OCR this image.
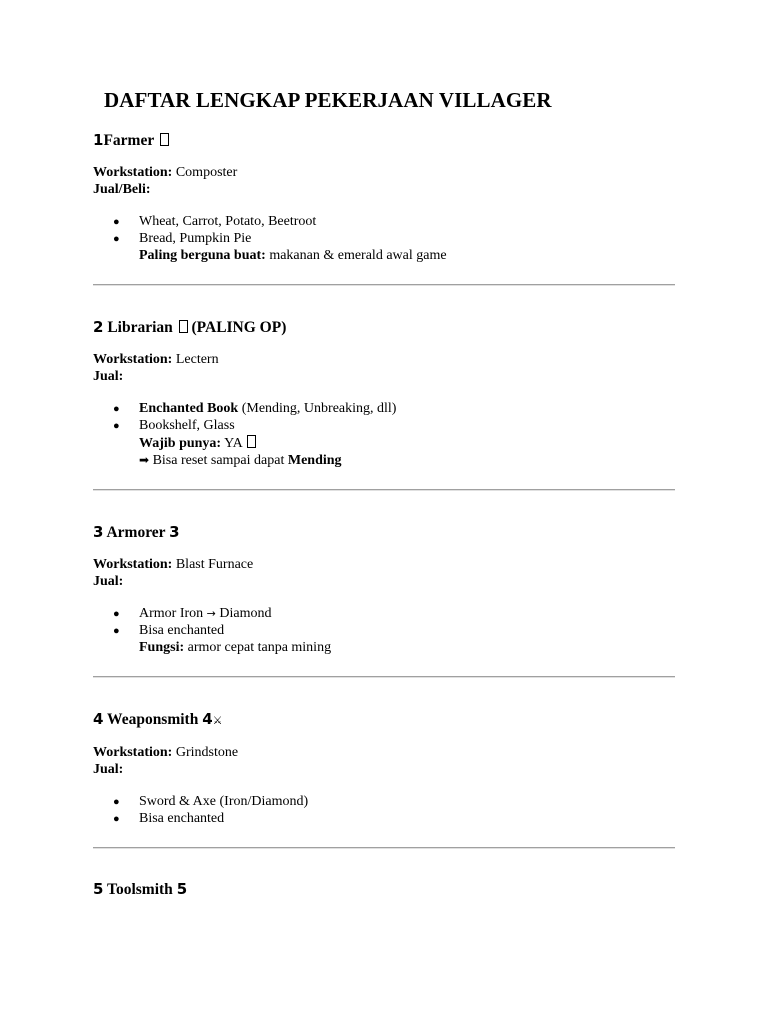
DAFTAR LENGKAP PEKERJAAN VILLAGER
1Farmer
Workstation: Composter
Jual/Beli:
● Wheat, Carrot, Potato, Beetroot
● Bread, Pumpkin Pie
Paling berguna buat: makanan & emerald awal game
2 Librarian (PALING OP)
Workstation: Lectern
Jual:
● Enchanted Book (Mending, Unbreaking, dll)
● Bookshelf, Glass
Wajib punya: YA
➡ Bisa reset sampai dapat Mending
3 Armorer 3
Workstation: Blast Furnace
Jual:
● Armor Iron → Diamond
● Bisa enchanted
Fungsi: armor cepat tanpa mining
4 Weaponsmith 4⚔
Workstation: Grindstone
Jual:
● Sword & Axe (Iron/Diamond)
● Bisa enchanted
5 Toolsmith 5
